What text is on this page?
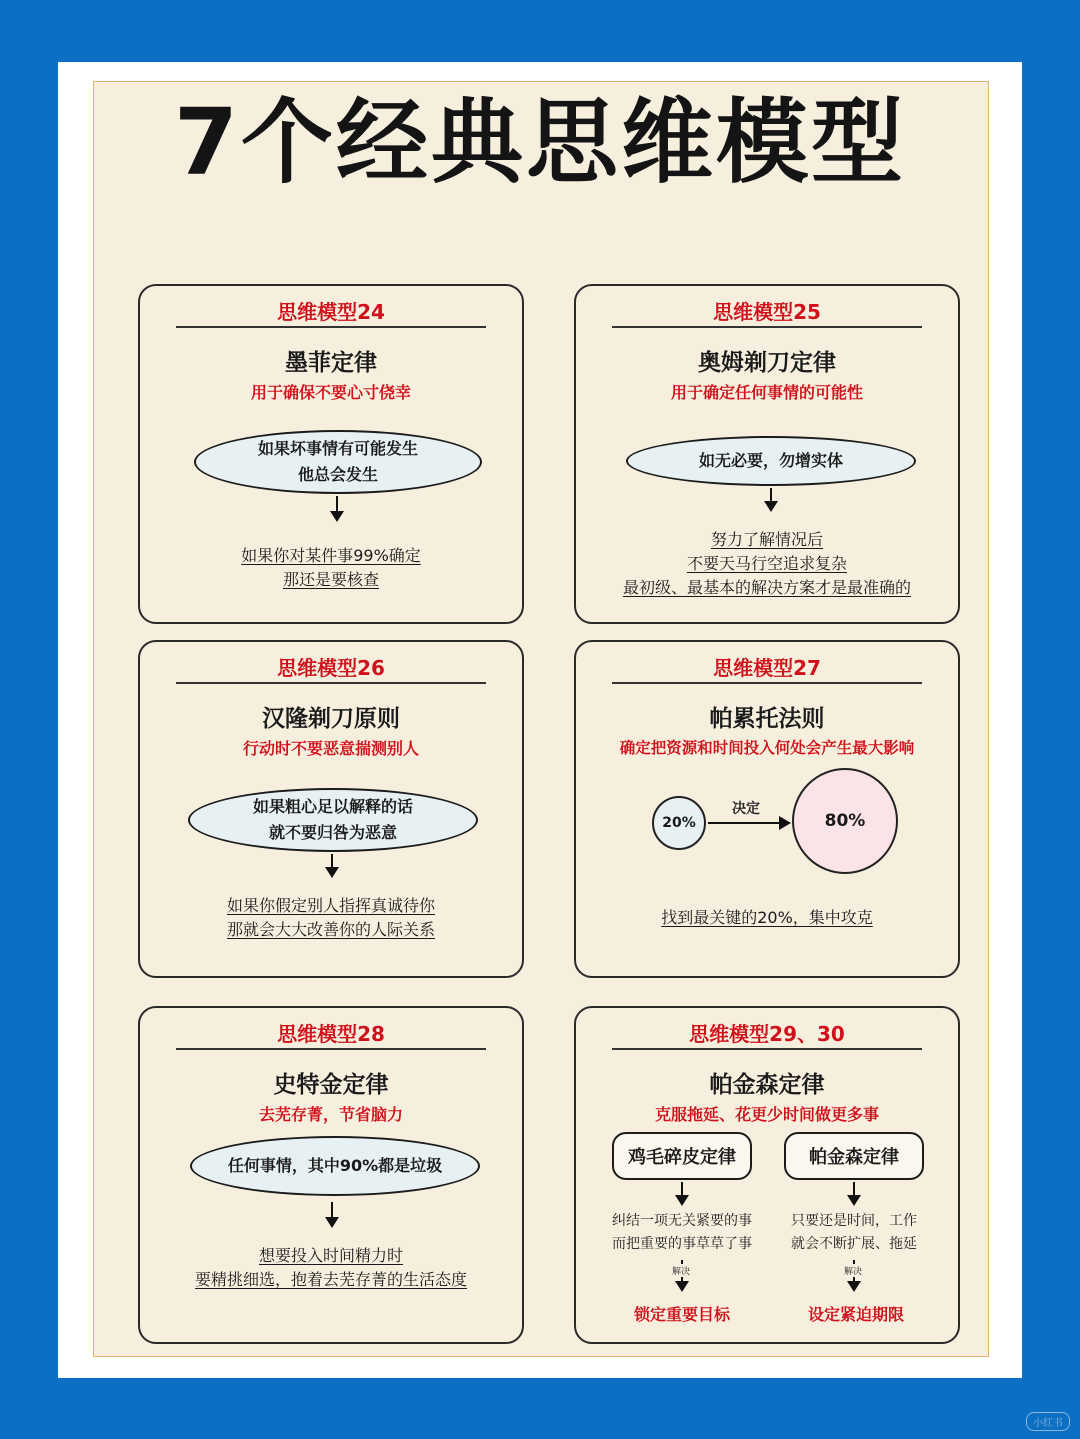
7个经典思维模型
思维模型24
墨菲定律
用于确保不要心寸侥幸
如果坏事情有可能发生
他总会发生
如果你对某件事99%确定
那还是要核查
思维模型25
奥姆剃刀定律
用于确定任何事情的可能性
如无必要，勿增实体
努力了解情况后
不要天马行空追求复杂
最初级、最基本的解决方案才是最准确的
思维模型26
汉隆剃刀原则
行动时不要恶意揣测别人
如果粗心足以解释的话
就不要归咎为恶意
如果你假定别人指挥真诚待你
那就会大大改善你的人际关系
思维模型27
帕累托法则
确定把资源和时间投入何处会产生最大影响
20%
决定
80%
找到最关键的20%，集中攻克
思维模型28
史特金定律
去芜存菁，节省脑力
任何事情，其中90%都是垃圾
想要投入时间精力时
要精挑细选，抱着去芜存菁的生活态度
思维模型29、30
帕金森定律
克服拖延、花更少时间做更多事
鸡毛碎皮定律
纠结一项无关紧要的事
而把重要的事草草了事
解决
锁定重要目标
帕金森定律
只要还是时间，工作
就会不断扩展、拖延
解决
设定紧迫期限
小红书
